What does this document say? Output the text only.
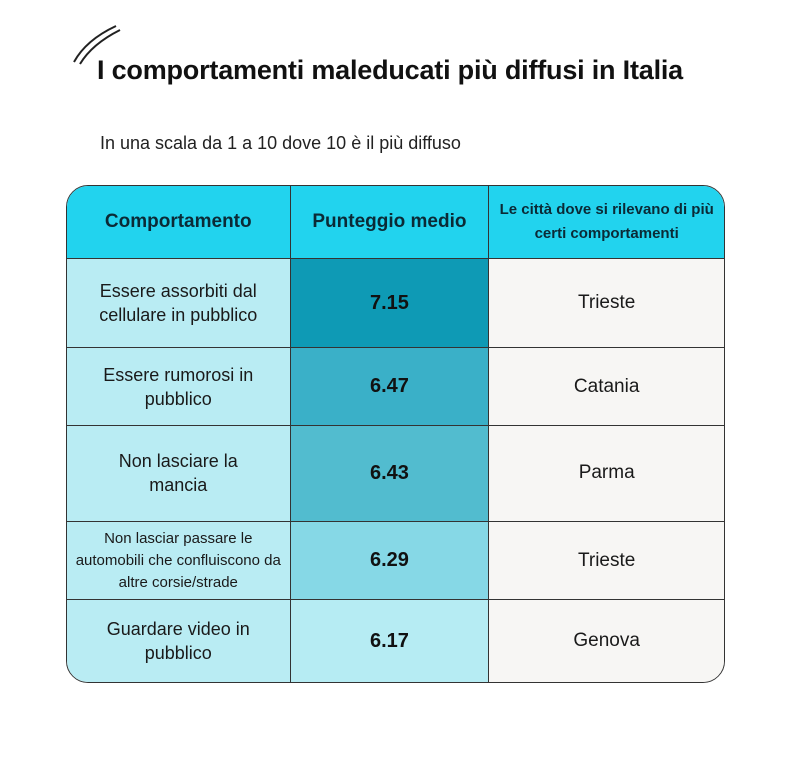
I comportamenti maleducati più diffusi in Italia
In una scala da 1 a 10 dove 10 è il più diffuso
Comportamento	Punteggio medio	Le città dove si rilevano di più certi comportamenti
Essere assorbiti dal cellulare in pubblico	7.15	Trieste
Essere rumorosi in pubblico	6.47	Catania
Non lasciare la mancia	6.43	Parma
Non lasciar passare le automobili che confluiscono da altre corsie/strade	6.29	Trieste
Guardare video in pubblico	6.17	Genova
